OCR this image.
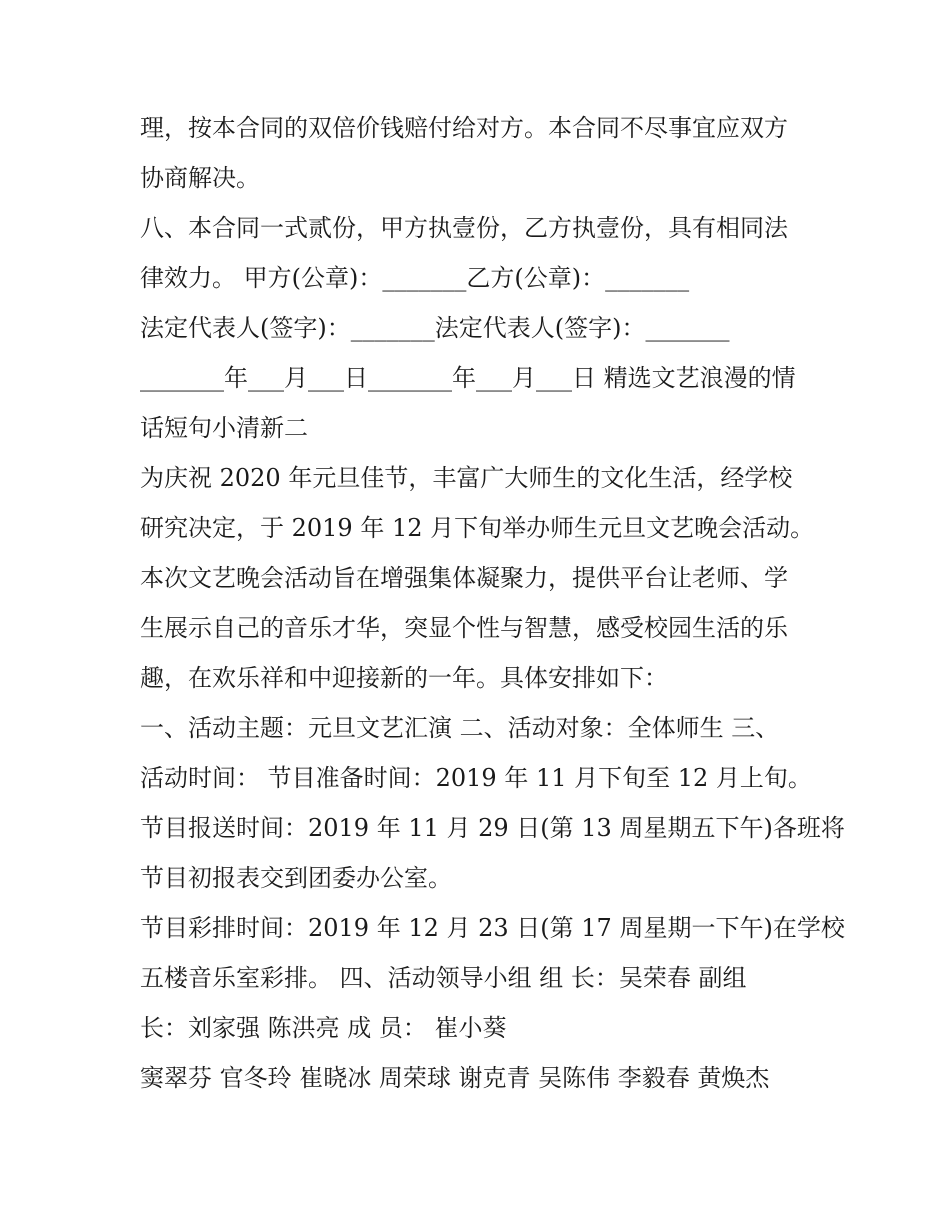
理，按本合同的双倍价钱赔付给对方。本合同不尽事宜应双方
协商解决。
八、本合同一式贰份，甲方执壹份，乙方执壹份，具有相同法
律效力。 甲方(公章)：_______乙方(公章)：_______
法定代表人(签字)：_______法定代表人(签字)：_______
_______年___月___日_______年___月___日 精选文艺浪漫的情
话短句小清新二
为庆祝 2020 年元旦佳节，丰富广大师生的文化生活，经学校
研究决定，于 2019 年 12 月下旬举办师生元旦文艺晚会活动。
本次文艺晚会活动旨在增强集体凝聚力，提供平台让老师、学
生展示自己的音乐才华，突显个性与智慧，感受校园生活的乐
趣，在欢乐祥和中迎接新的一年。具体安排如下：
一、活动主题：元旦文艺汇演 二、活动对象：全体师生 三、
活动时间： 节目准备时间：2019 年 11 月下旬至 12 月上旬。
节目报送时间：2019 年 11 月 29 日(第 13 周星期五下午)各班将
节目初报表交到团委办公室。
节目彩排时间：2019 年 12 月 23 日(第 17 周星期一下午)在学校
五楼音乐室彩排。 四、活动领导小组 组 长：吴荣春 副组
长：刘家强 陈洪亮 成 员： 崔小葵
窦翠芬 官冬玲 崔晓冰 周荣球 谢克青 吴陈伟 李毅春 黄焕杰
